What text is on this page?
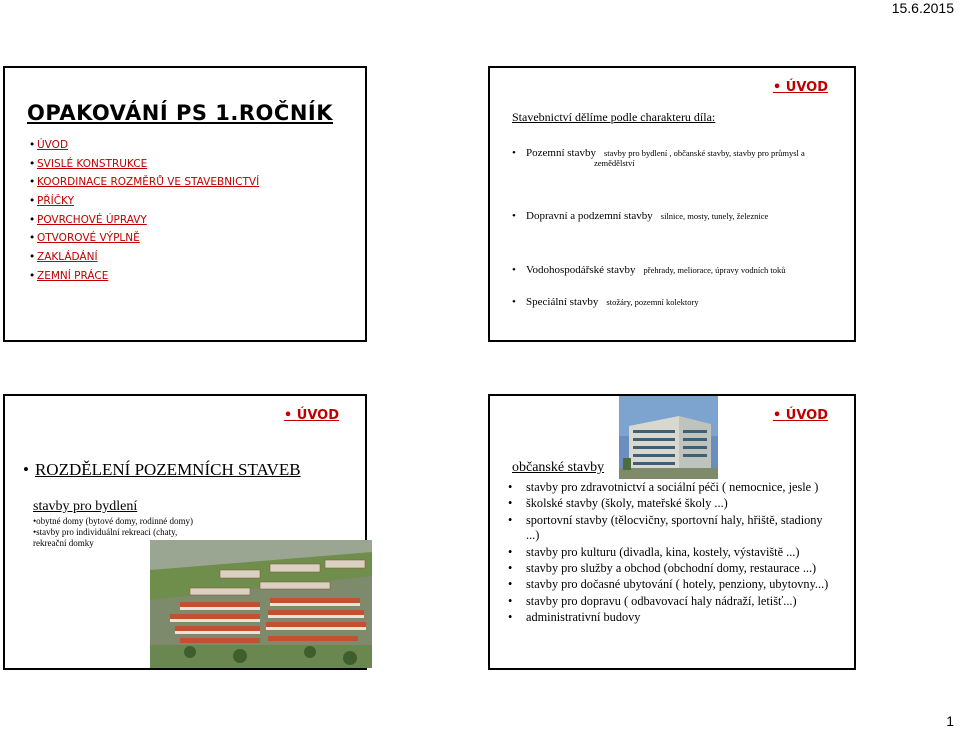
15.6.2015
OPAKOVÁNÍ PS 1.ROČNÍK
• ÚVOD
• SVISLÉ KONSTRUKCE
• KOORDINACE ROZMĚRŮ VE STAVEBNICTVÍ
• PŘÍČKY
• POVRCHOVÉ ÚPRAVY
• OTVOROVÉ VÝPLNĚ
• ZAKLÁDÁNÍ
• ZEMNÍ PRÁCE
• ÚVOD
Stavebnictví dělíme podle charakteru díla:
• Pozemní stavby stavby pro bydlení , občanské stavby, stavby pro průmysl a
zemědělství
• Dopravní a podzemní stavby silnice, mosty, tunely, železnice
• Vodohospodářské stavby přehrady, meliorace, úpravy vodních toků
• Speciální stavby stožáry, pozemní kolektory
• ÚVOD
• ROZDĚLENÍ POZEMNÍCH STAVEB
stavby pro bydlení
•obytné domy (bytové domy, rodinné domy)
•stavby pro individuální rekreaci (chaty,
rekreační domky
• ÚVOD
občanské stavby
• stavby pro zdravotnictví a sociální péči ( nemocnice, jesle )
• školské stavby (školy, mateřské školy ...)
• sportovní stavby (tělocvičny, sportovní haly, hřiště, stadiony ...)
• stavby pro kulturu (divadla, kina, kostely, výstaviště ...)
• stavby pro služby a obchod (obchodní domy, restaurace ...)
• stavby pro dočasné ubytování ( hotely, penziony, ubytovny...)
• stavby pro dopravu ( odbavovací haly nádraží, letišť...)
• administrativní budovy
1
